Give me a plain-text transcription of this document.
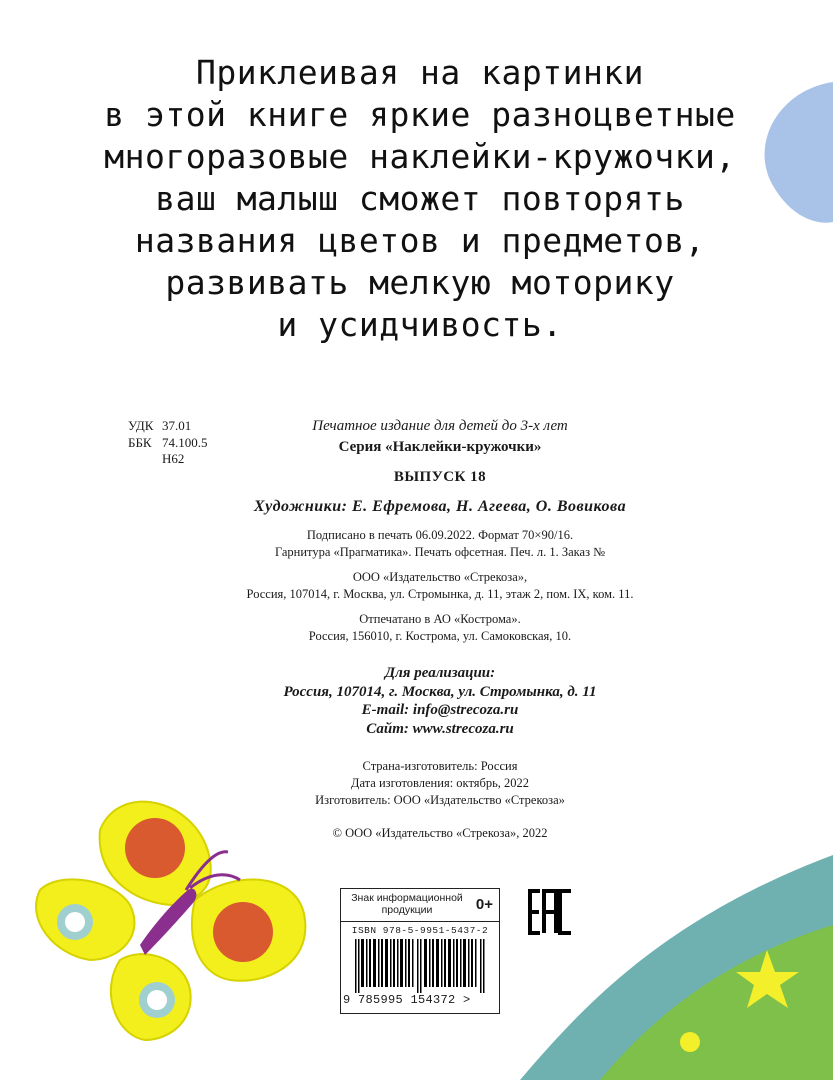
Приклеивая на картинки
в этой книге яркие разноцветные
многоразовые наклейки-кружочки,
ваш малыш сможет повторять
названия цветов и предметов,
развивать мелкую моторику
и усидчивость.
УДК 37.01
ББК 74.100.5
Н62
Печатное издание для детей до 3-х лет
Серия «Наклейки-кружочки»
ВЫПУСК 18
Художники: Е. Ефремова, Н. Агеева, О. Вовикова
Подписано в печать 06.09.2022. Формат 70×90/16.
Гарнитура «Прагматика». Печать офсетная. Печ. л. 1. Заказ №
ООО «Издательство «Стрекоза»,
Россия, 107014, г. Москва, ул. Стромынка, д. 11, этаж 2, пом. IX, ком. 11.
Отпечатано в АО «Кострома».
Россия, 156010, г. Кострома, ул. Самоковская, 10.
Для реализации:
Россия, 107014, г. Москва, ул. Стромынка, д. 11
E-mail: info@strecoza.ru
Сайт: www.strecoza.ru
Страна-изготовитель: Россия
Дата изготовления: октябрь, 2022
Изготовитель: ООО «Издательство «Стрекоза»
© ООО «Издательство «Стрекоза», 2022
Знак информационной продукции	0+
ISBN 978-5-9951-5437-2
9 785995 154372 >
